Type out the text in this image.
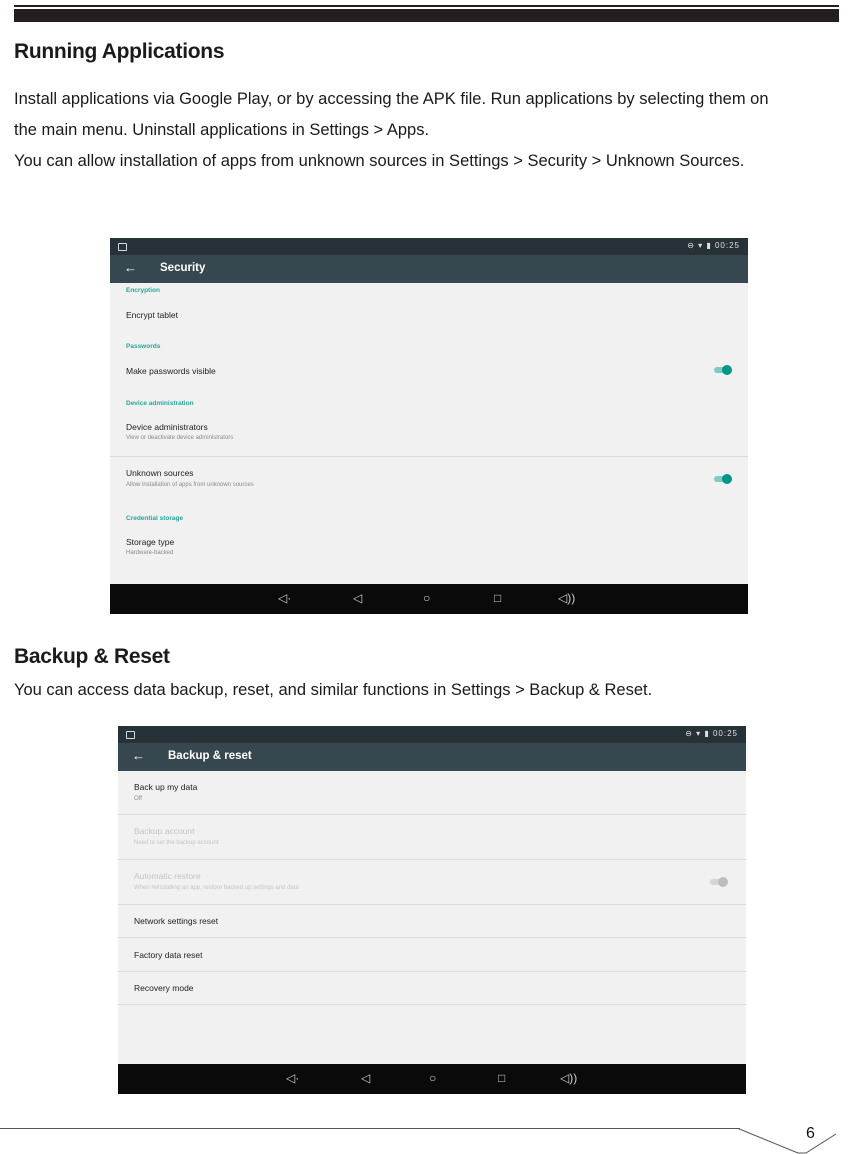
Running Applications
Install applications via Google Play, or by accessing the APK file. Run applications by selecting them on
the main menu. Uninstall applications in Settings > Apps.
You can allow installation of apps from unknown sources in Settings > Security > Unknown Sources.
⊖ ▾ ▮ 00:25
← Security
Encryption
Encrypt tablet
Passwords
Make passwords visible
Device administration
Device administrators
View or deactivate device administrators
Unknown sources
Allow installation of apps from unknown sources
Credential storage
Storage type
Hardware-backed
◁·	◁	○	□	◁))
Backup & Reset

You can access data backup, reset, and similar functions in Settings > Backup & Reset.

⊖ ▾ ▮ 00:25
← Backup & reset
Back up my data
Off
Backup account
Need to set the backup account
Automatic restore
When reinstalling an app, restore backed up settings and data
Network settings reset
Factory data reset
Recovery mode
◁·	◁	○	□	◁))
6
